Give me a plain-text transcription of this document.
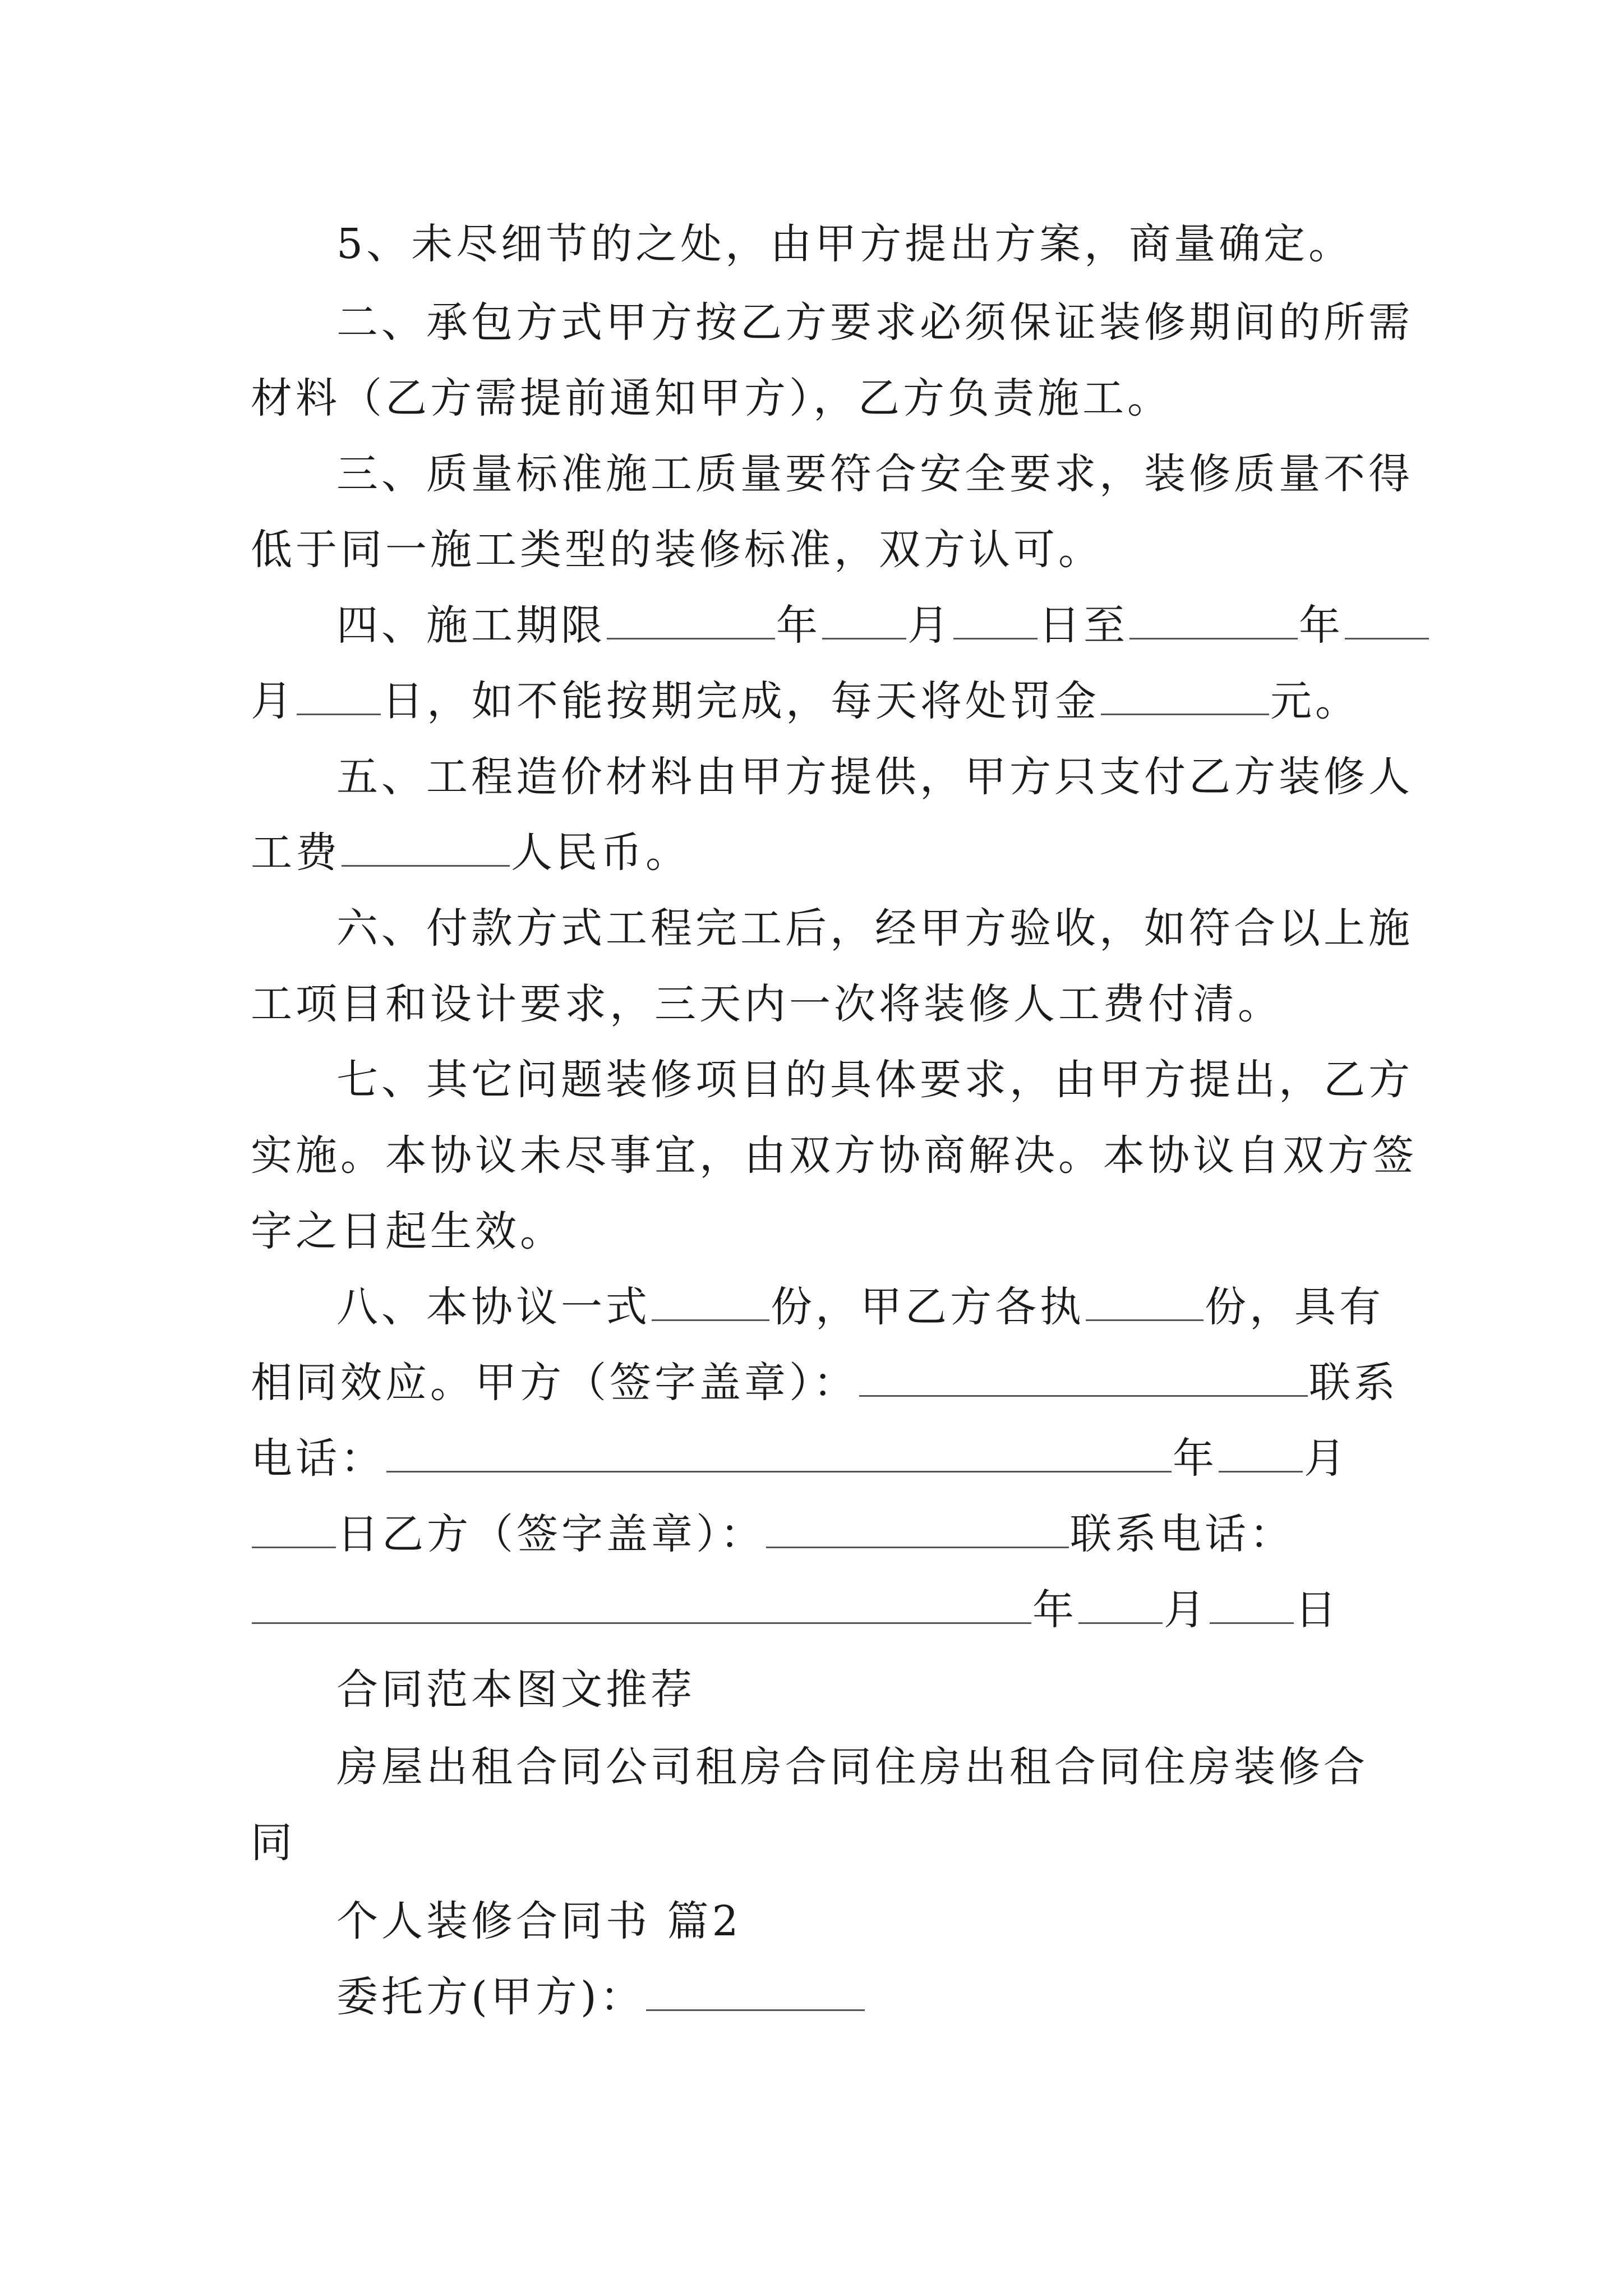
5、未尽细节的之处，由甲方提出方案，商量确定。
二、承包方式甲方按乙方要求必须保证装修期间的所需
材料（乙方需提前通知甲方），乙方负责施工。
三、质量标准施工质量要符合安全要求，装修质量不得
低于同一施工类型的装修标准，双方认可。
四、施工期限	年 月 日至	年
月 日，如不能按期完成，每天将处罚金	元。
五、工程造价材料由甲方提供，甲方只支付乙方装修人
工费	人民币。
六、付款方式工程完工后，经甲方验收，如符合以上施
工项目和设计要求，三天内一次将装修人工费付清。
七、其它问题装修项目的具体要求，由甲方提出，乙方
实施。本协议未尽事宜，由双方协商解决。本协议自双方签
字之日起生效。
八、本协议一式	份，甲乙方各执	份，具有
相同效应。甲方（签字盖章）：	联系
电话：	年 月
日乙方（签字盖章）：	联系电话：
年 月 日
合同范本图文推荐
房屋出租合同公司租房合同住房出租合同住房装修合
同
个人装修合同书 篇2
委托方(甲方)：
